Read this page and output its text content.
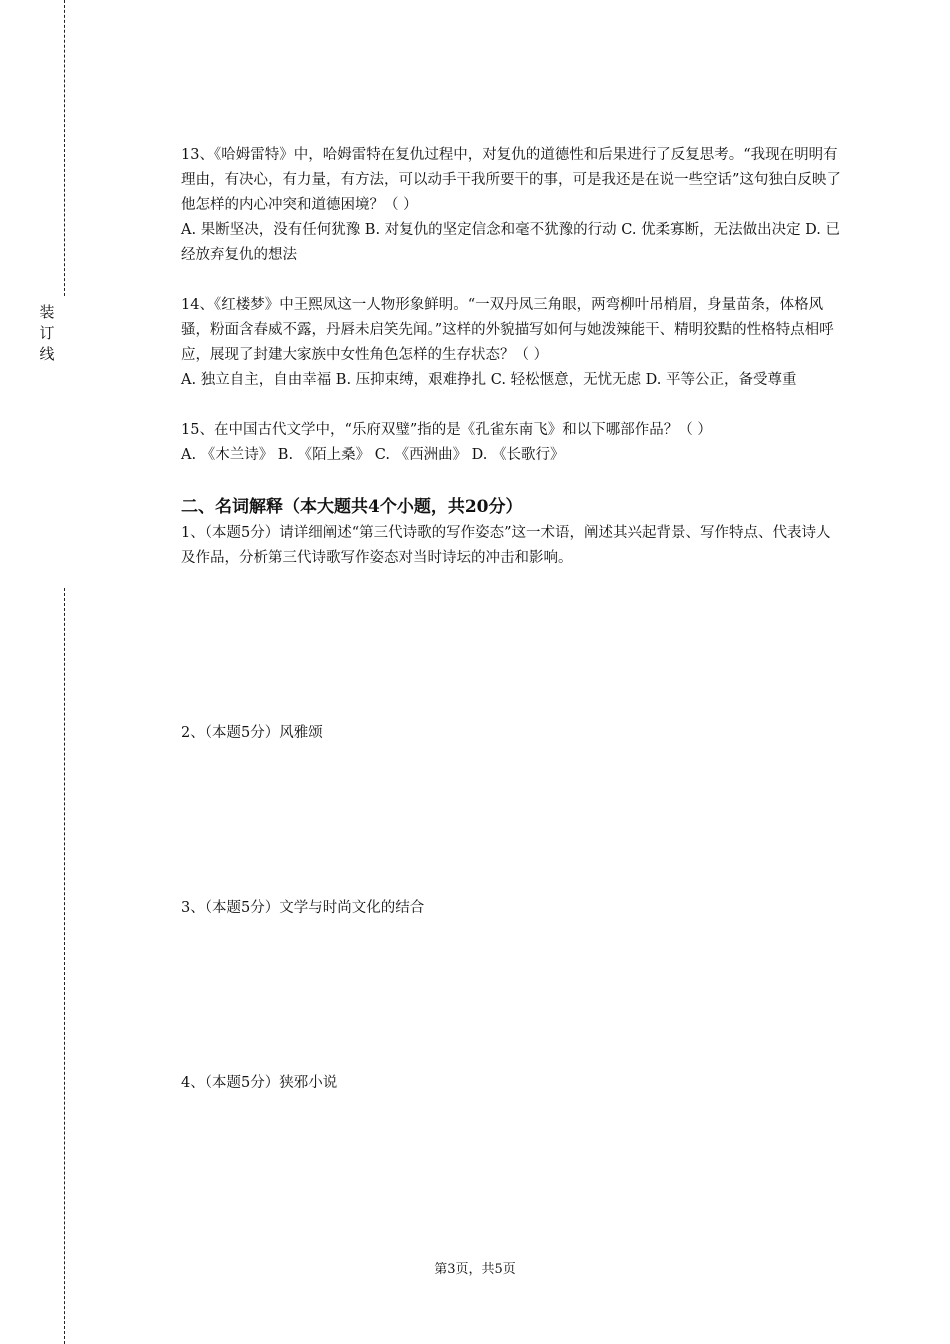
装
订
线

13、《哈姆雷特》中，哈姆雷特在复仇过程中，对复仇的道德性和后果进行了反复思考。“我现在明明有理由，有决心，有力量，有方法，可以动手干我所要干的事，可是我还是在说一些空话”这句独白反映了他怎样的内心冲突和道德困境？（ ）

A. 果断坚决，没有任何犹豫 B. 对复仇的坚定信念和毫不犹豫的行动 C. 优柔寡断，无法做出决定 D. 已经放弃复仇的想法

14、《红楼梦》中王熙凤这一人物形象鲜明。“一双丹凤三角眼，两弯柳叶吊梢眉，身量苗条，体格风骚，粉面含春威不露，丹唇未启笑先闻。”这样的外貌描写如何与她泼辣能干、精明狡黠的性格特点相呼应，展现了封建大家族中女性角色怎样的生存状态？（ ）

A. 独立自主，自由幸福 B. 压抑束缚，艰难挣扎 C. 轻松惬意，无忧无虑 D. 平等公正，备受尊重

15、在中国古代文学中，“乐府双璧”指的是《孔雀东南飞》和以下哪部作品？（ ）

A. 《木兰诗》 B. 《陌上桑》 C. 《西洲曲》 D. 《长歌行》

二、名词解释（本大题共4个小题，共20分）

1、（本题5分）请详细阐述“第三代诗歌的写作姿态”这一术语，阐述其兴起背景、写作特点、代表诗人及作品，分析第三代诗歌写作姿态对当时诗坛的冲击和影响。

2、（本题5分）风雅颂

3、（本题5分）文学与时尚文化的结合

4、（本题5分）狭邪小说

第3页，共5页
